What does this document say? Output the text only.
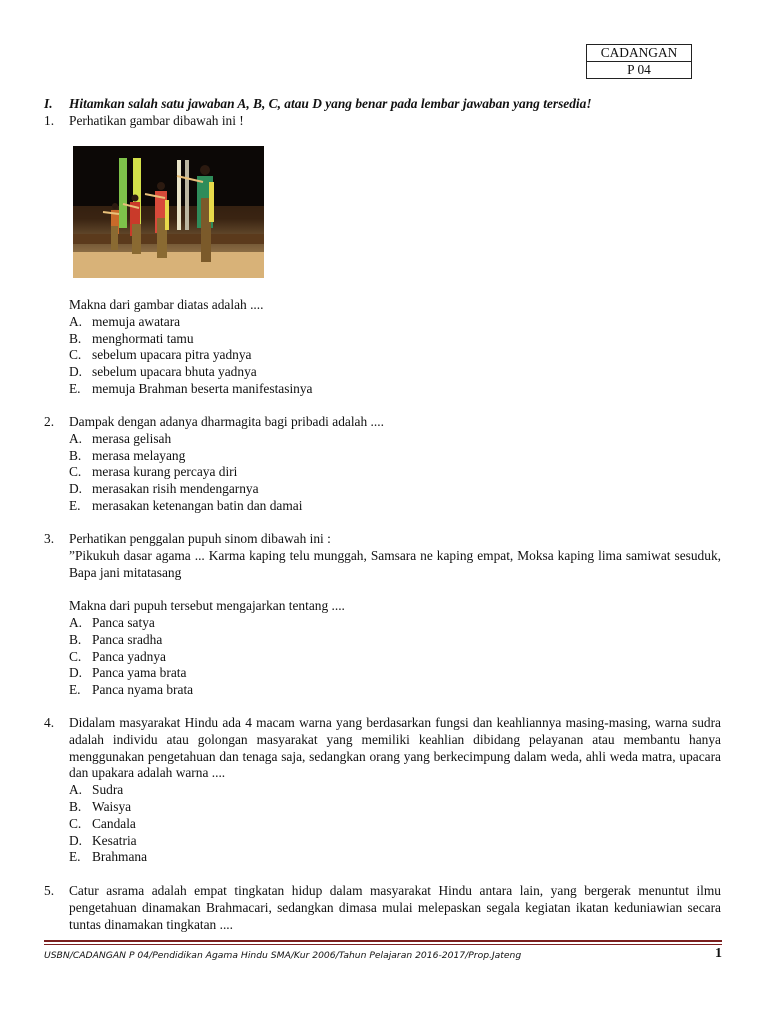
CADANGAN
P 04
I. Hitamkan salah satu jawaban A, B, C, atau D yang benar pada lembar jawaban yang tersedia!
1. Perhatikan gambar dibawah ini !
Makna dari gambar diatas adalah ....
A. memuja awatara
B. menghormati tamu
C. sebelum upacara pitra yadnya
D. sebelum upacara bhuta yadnya
E. memuja Brahman beserta manifestasinya
2. Dampak dengan adanya dharmagita bagi pribadi adalah ....
A. merasa gelisah
B. merasa melayang
C. merasa kurang percaya diri
D. merasakan risih mendengarnya
E. merasakan ketenangan batin dan damai
3. Perhatikan penggalan pupuh sinom dibawah ini :
”Pikukuh dasar agama ... Karma kaping telu munggah, Samsara ne kaping empat, Moksa kaping lima samiwat sesuduk, Bapa jani mitatasang
Makna dari pupuh tersebut mengajarkan tentang ....
A. Panca satya
B. Panca sradha
C. Panca yadnya
D. Panca yama brata
E. Panca nyama brata
4. Didalam masyarakat Hindu ada 4 macam warna yang berdasarkan fungsi dan keahliannya masing-masing, warna sudra adalah individu atau golongan masyarakat yang memiliki keahlian dibidang pelayanan atau membantu hanya menggunakan pengetahuan dan tenaga saja, sedangkan orang yang berkecimpung dalam weda, ahli weda matra, upacara dan upakara adalah warna ....
A. Sudra
B. Waisya
C. Candala
D. Kesatria
E. Brahmana
5. Catur asrama adalah empat tingkatan hidup dalam masyarakat Hindu antara lain, yang bergerak menuntut ilmu pengetahuan dinamakan Brahmacari, sedangkan dimasa mulai melepaskan segala kegiatan ikatan keduniawian secara tuntas dinamakan tingkatan ....
USBN/CADANGAN P 04/Pendidikan Agama Hindu SMA/Kur 2006/Tahun Pelajaran 2016-2017/Prop.Jateng	1
